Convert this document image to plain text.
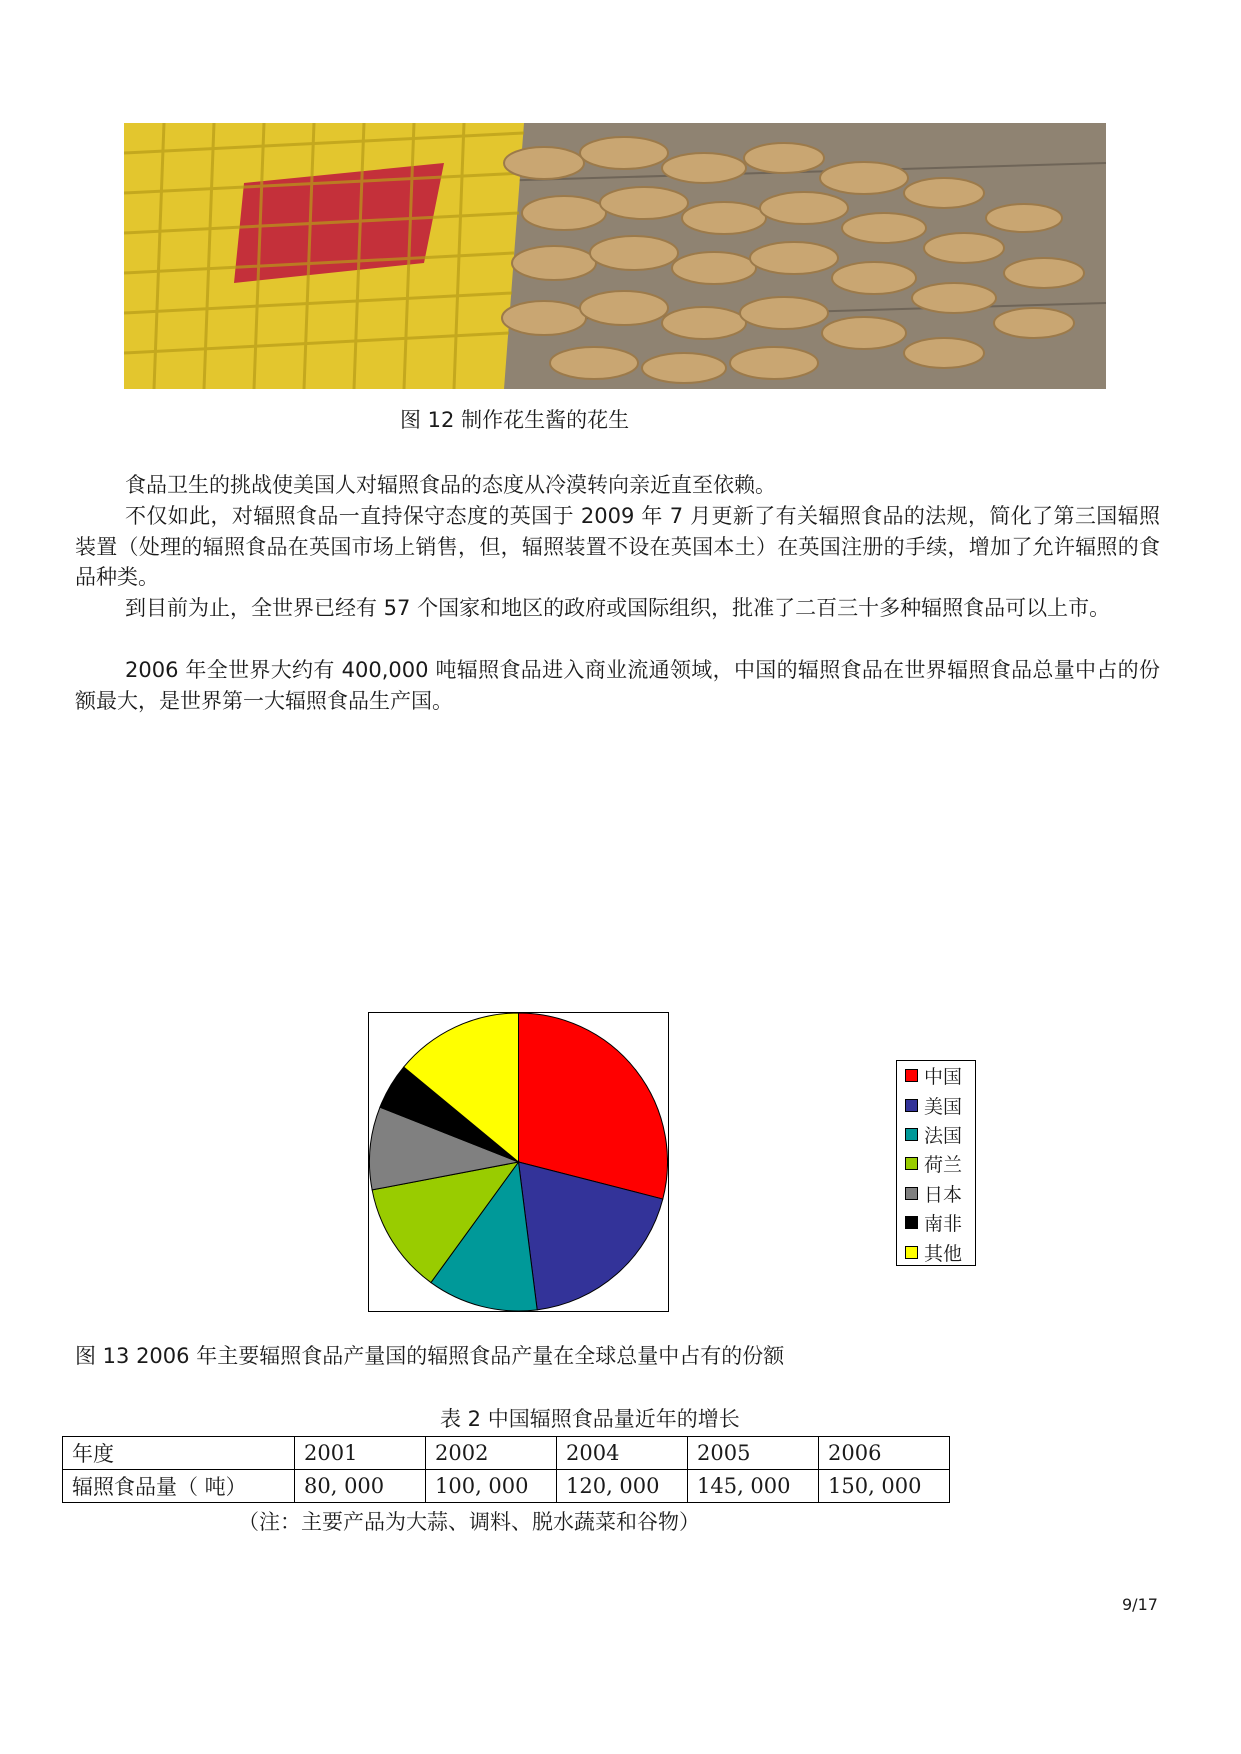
图 12 制作花生酱的花生

食品卫生的挑战使美国人对辐照食品的态度从冷漠转向亲近直至依赖。

不仅如此，对辐照食品一直持保守态度的英国于 2009 年 7 月更新了有关辐照食品的法规，简化了第三国辐照装置（处理的辐照食品在英国市场上销售，但，辐照装置不设在英国本土）在英国注册的手续，增加了允许辐照的食品种类。

到目前为止，全世界已经有 57 个国家和地区的政府或国际组织，批准了二百三十多种辐照食品可以上市。

2006 年全世界大约有 400,000 吨辐照食品进入商业流通领域，中国的辐照食品在世界辐照食品总量中占的份额最大，是世界第一大辐照食品生产国。

中国
美国
法国
荷兰
日本
南非
其他
图 13 2006 年主要辐照食品产量国的辐照食品产量在全球总量中占有的份额
表 2 中国辐照食品量近年的增长
年度	2001	2002	2004	2005	2006
辐照食品量（ 吨）	80, 000	100, 000	120, 000	145, 000	150, 000
（注：主要产品为大蒜、调料、脱水蔬菜和谷物）
9/17
